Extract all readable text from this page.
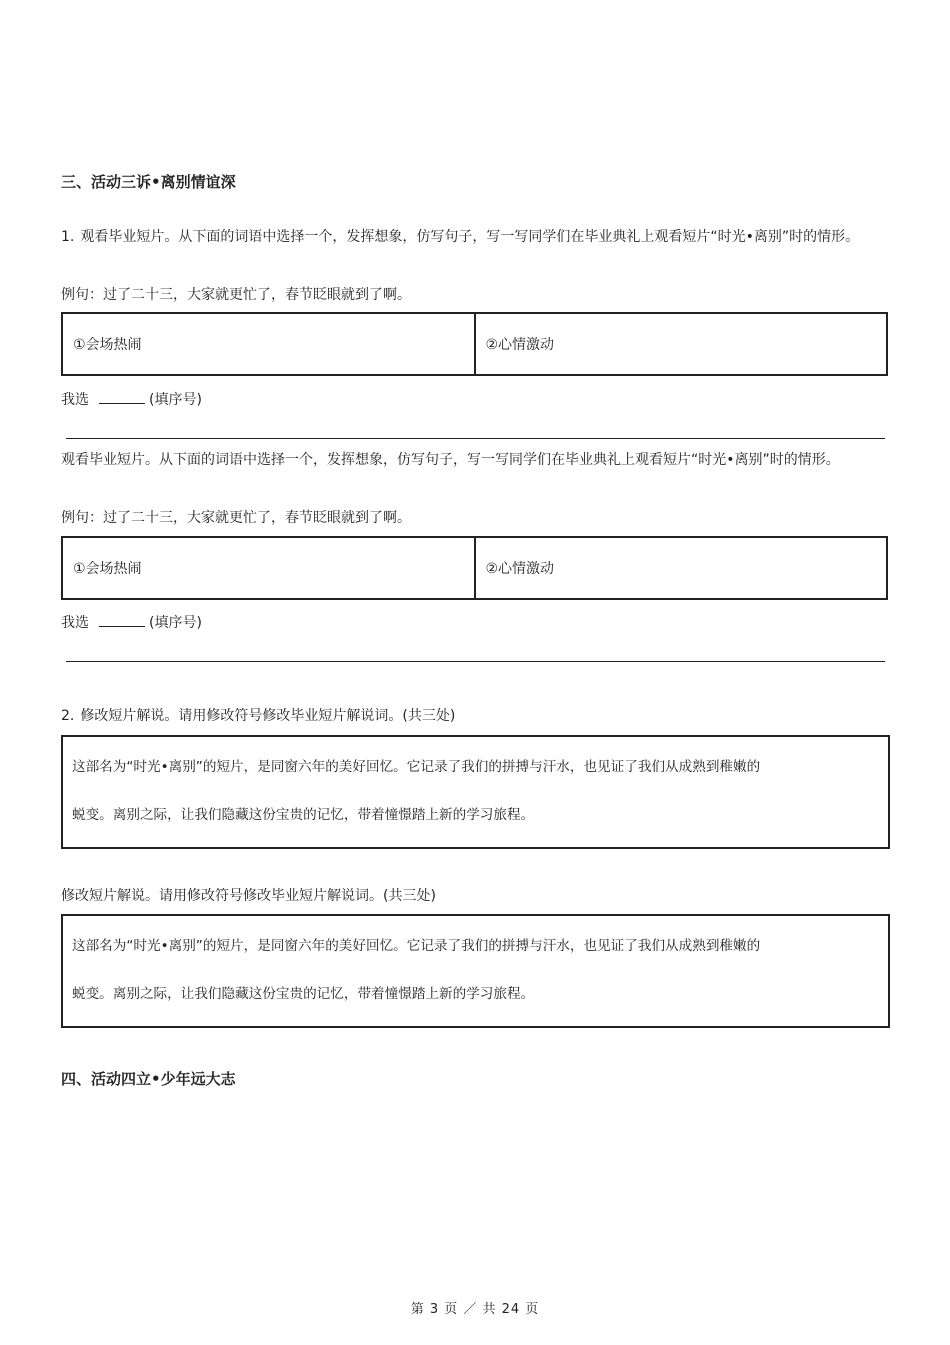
三、活动三诉•离别情谊深
1. 观看毕业短片。从下面的词语中选择一个，发挥想象，仿写句子，写一写同学们在毕业典礼上观看短片“时光•离别”时的情形。
例句：过了二十三，大家就更忙了，春节眨眼就到了啊。
①会场热闹	②心情激动
我选	(填序号)
观看毕业短片。从下面的词语中选择一个，发挥想象，仿写句子，写一写同学们在毕业典礼上观看短片“时光•离别”时的情形。
例句：过了二十三，大家就更忙了，春节眨眼就到了啊。
①会场热闹	②心情激动
我选	(填序号)
2. 修改短片解说。请用修改符号修改毕业短片解说词。(共三处)
这部名为“时光•离别”的短片，是同窗六年的美好回忆。它记录了我们的拼搏与汗水，也见证了我们从成熟到稚嫩的
蜕变。离别之际，让我们隐藏这份宝贵的记忆，带着憧憬踏上新的学习旅程。
修改短片解说。请用修改符号修改毕业短片解说词。(共三处)
这部名为“时光•离别”的短片，是同窗六年的美好回忆。它记录了我们的拼搏与汗水，也见证了我们从成熟到稚嫩的
蜕变。离别之际，让我们隐藏这份宝贵的记忆，带着憧憬踏上新的学习旅程。
四、活动四立•少年远大志
第 3 页 ／ 共 24 页
